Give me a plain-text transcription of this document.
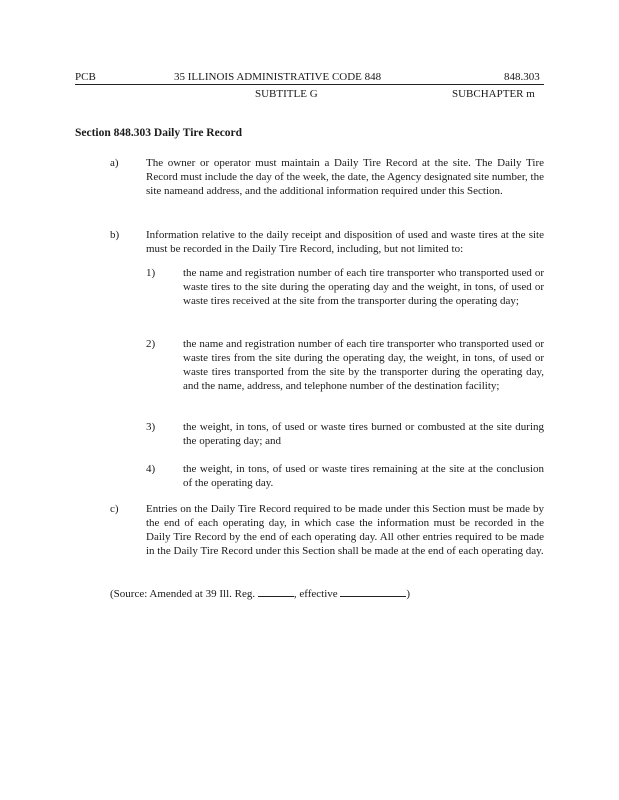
PCB	35 ILLINOIS ADMINISTRATIVE CODE 848	848.303
SUBTITLE G	SUBCHAPTER m
Section 848.303 Daily Tire Record
a) The owner or operator must maintain a Daily Tire Record at the site. The Daily Tire Record must include the day of the week, the date, the Agency designated site number, the site nameand address, and the additional information required under this Section.
b) Information relative to the daily receipt and disposition of used and waste tires at the site must be recorded in the Daily Tire Record, including, but not limited to:
1)	the name and registration number of each tire transporter who transported used or waste tires to the site during the operating day and the weight, in tons, of used or waste tires received at the site from the transporter during the operating day;
2)	the name and registration number of each tire transporter who transported used or waste tires from the site during the operating day, the weight, in tons, of used or waste tires transported from the site by the transporter during the operating day, and the name, address, and telephone number of the destination facility;
3)	the weight, in tons, of used or waste tires burned or combusted at the site during the operating day; and
4)	the weight, in tons, of used or waste tires remaining at the site at the conclusion of the operating day.
c) Entries on the Daily Tire Record required to be made under this Section must be made by the end of each operating day, in which case the information must be recorded in the Daily Tire Record by the end of each operating day. All other entries required to be made in the Daily Tire Record under this Section shall be made at the end of each operating day.
(Source: Amended at 39 Ill. Reg.	, effective	)
